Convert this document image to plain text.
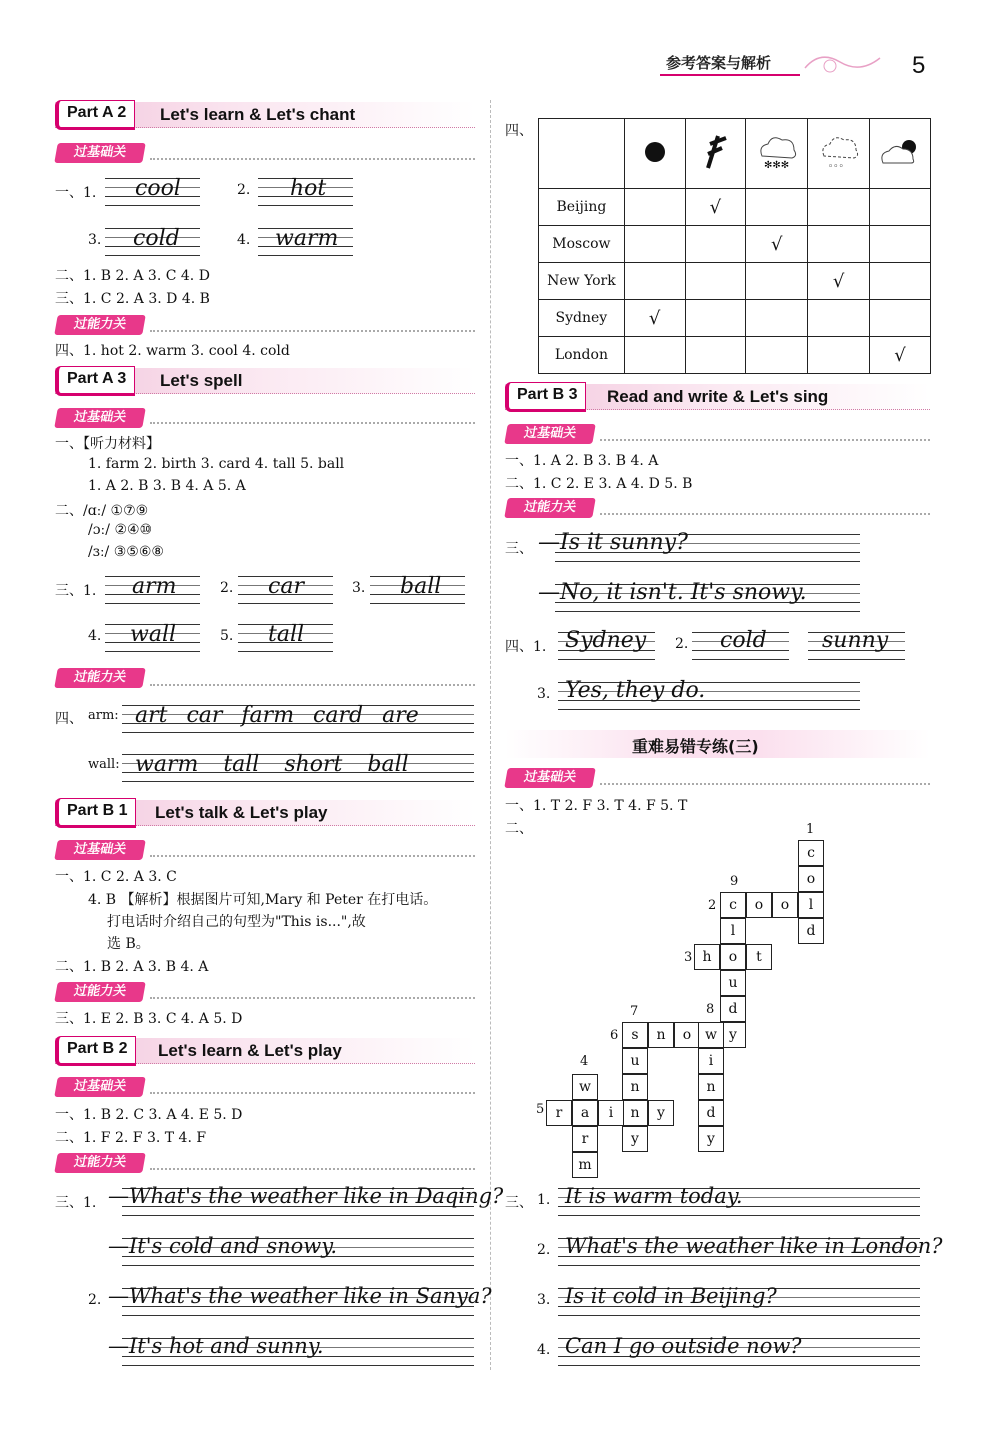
参考答案与解析	5
Part A 2	Let's learn & Let's chant
过基础关
一、1. cool	2. hot
3. cold	4. warm
二、1. B 2. A 3. C 4. D
三、1. C 2. A 3. D 4. B
过能力关
四、1. hot 2. warm 3. cool 4. cold
Part A 3	Let's spell
过基础关
一、【听力材料】
1. farm 2. birth 3. card 4. tall 5. ball
1. A 2. B 3. B 4. A 5. A
二、/ɑː/ ①⑦⑨
/ɔː/ ②④⑩
/ɜː/ ③⑤⑥⑧
三、1. arm	2. car	3. ball
4. wall	5. tall
过能力关
四、 arm: art car farm card are
wall: warm tall short ball
Part B 1	Let's talk & Let's play
过基础关
一、1. C 2. A 3. C
4. B 【解析】根据图片可知,Mary 和 Peter 在打电话。
打电话时介绍自己的句型为"This is...",故
选 B。
二、1. B 2. A 3. B 4. A
过能力关
三、1. E 2. B 3. C 4. A 5. D
Part B 2	Let's learn & Let's play
过基础关
一、1. B 2. C 3. A 4. E 5. D
二、1. F 2. F 3. T 4. F
过能力关
三、1. —What's the weather like in Daqing?
—It's cold and snowy.
2. —What's the weather like in Sanya?
—It's hot and sunny.
四、

✻✻✻	◦◦◦

Beijing		√			
Moscow			√		
New York				√	
Sydney	√				
London					√
Part B 3	Read and write & Let's sing
过基础关
一、1. A 2. B 3. B 4. A
二、1. C 2. E 3. A 4. D 5. B
过能力关
三、 —Is it sunny?
—No, it isn't. It's snowy.
四、1. Sydney 2. cold	sunny
3. Yes, they do.
重难易错专练(三)
过基础关
一、1. T 2. F 3. T 4. F 5. T
二、
c
o
l
d
c	o	o
l
o
h	t
u
d
y
s	n	o w
u
n
n
y
i
n
d
y
w
r	a	i	y
r
m
1
9
2
3
7	8
6
4
5
三、 1. It is warm today.
2. What's the weather like in London?
3. Is it cold in Beijing?
4. Can I go outside now?
